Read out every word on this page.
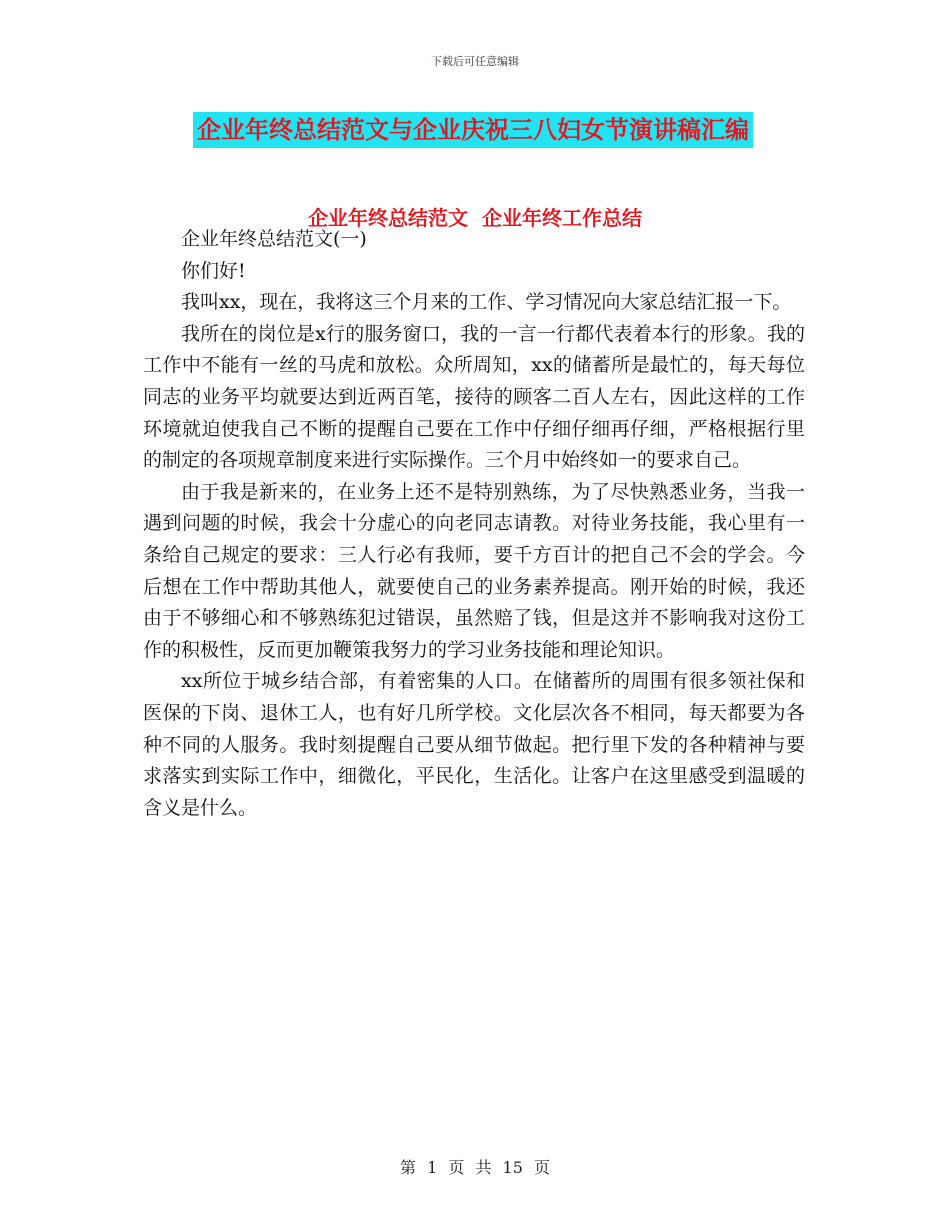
下载后可任意编辑
企业年终总结范文与企业庆祝三八妇女节演讲稿汇编
企业年终总结范文  企业年终工作总结

企业年终总结范文(一)

你们好!

我叫xx，现在，我将这三个月来的工作、学习情况向大家总结汇报一下。

我所在的岗位是x行的服务窗口，我的一言一行都代表着本行的形象。我的工作中不能有一丝的马虎和放松。众所周知，xx的储蓄所是最忙的，每天每位同志的业务平均就要达到近两百笔，接待的顾客二百人左右，因此这样的工作环境就迫使我自己不断的提醒自己要在工作中仔细仔细再仔细，严格根据行里的制定的各项规章制度来进行实际操作。三个月中始终如一的要求自己。

由于我是新来的，在业务上还不是特别熟练，为了尽快熟悉业务，当我一遇到问题的时候，我会十分虚心的向老同志请教。对待业务技能，我心里有一条给自己规定的要求：三人行必有我师，要千方百计的把自己不会的学会。今后想在工作中帮助其他人，就要使自己的业务素养提高。刚开始的时候，我还由于不够细心和不够熟练犯过错误，虽然赔了钱，但是这并不影响我对这份工作的积极性，反而更加鞭策我努力的学习业务技能和理论知识。

xx所位于城乡结合部，有着密集的人口。在储蓄所的周围有很多领社保和医保的下岗、退休工人，也有好几所学校。文化层次各不相同，每天都要为各种不同的人服务。我时刻提醒自己要从细节做起。把行里下发的各种精神与要求落实到实际工作中，细微化，平民化，生活化。让客户在这里感受到温暖的含义是什么。

第 1 页 共 15 页
